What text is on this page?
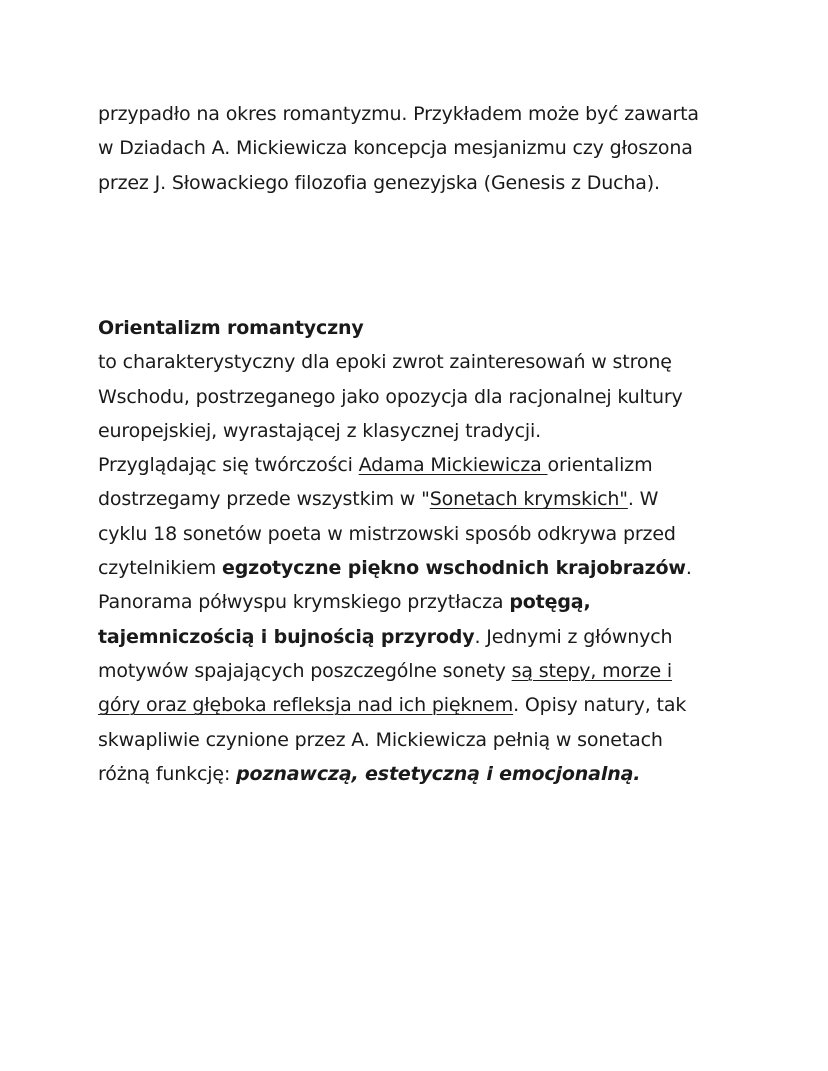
przypadło na okres romantyzmu. Przykładem może być zawarta
w Dziadach A. Mickiewicza koncepcja mesjanizmu czy głoszona
przez J. Słowackiego filozofia genezyjska (Genesis z Ducha).
Orientalizm romantyczny
to charakterystyczny dla epoki zwrot zainteresowań w stronę
Wschodu, postrzeganego jako opozycja dla racjonalnej kultury
europejskiej, wyrastającej z klasycznej tradycji.
Przyglądając się twórczości Adama Mickiewicza orientalizm
dostrzegamy przede wszystkim w "Sonetach krymskich". W
cyklu 18 sonetów poeta w mistrzowski sposób odkrywa przed
czytelnikiem egzotyczne piękno wschodnich krajobrazów.
Panorama półwyspu krymskiego przytłacza potęgą,
tajemniczością i bujnością przyrody. Jednymi z głównych
motywów spajających poszczególne sonety są stepy, morze i
góry oraz głęboka refleksja nad ich pięknem. Opisy natury, tak
skwapliwie czynione przez A. Mickiewicza pełnią w sonetach
różną funkcję: poznawczą, estetyczną i emocjonalną.
